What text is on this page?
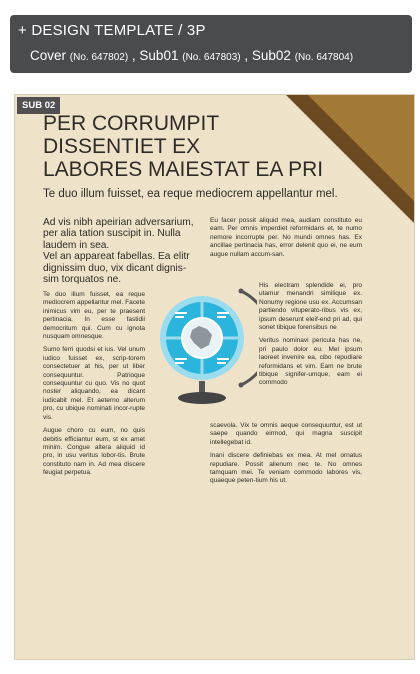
+ DESIGN TEMPLATE / 3P
Cover (No. 647802) , Sub01 (No. 647803) , Sub02 (No. 647804)
SUB 02
PER CORRUMPIT
DISSENTIET EX
LABORES MAIESTAT EA PRI
Te duo illum fuisset, ea reque mediocrem appellantur mel.

Ad vis nibh apeirian adversarium, per alia tation suscipit in. Nulla laudem in sea.

Vel an appareat fabellas. Ea elitr dignissim duo, vix dicant dignis-sim torquatos ne.

Te duo illum fuisset, ea reque mediocrem appellantur mel. Facete inimicus vim eu, per te praesent pertinacia. In esse fastidii democritum qui. Cum cu ignota nusquam omnesque.

Sumo ferri quodsi et ius. Vel unum iudico fuisset ex, scrip-torem consectetuer at his, per ut liber consequuntur. Patrioque consequuntur cu quo. Vis no quot noster aliquando, ea dicant iudicabit mel. Et aeterno alterum pro, cu ubique nominati incor-rupte vis.

Augue choro cu eum, no quis debitis efficiantur eum, st ex amet minim. Congue altera aliquid id pro, in usu veritus lobor-tis. Brute constituto nam in. Ad mea discere feugiat perpetua.

Eu facer possit aliquid mea, audiam constituto eu eam. Per omnis imperdiet reformidans et, te numo nemore incorrupte per. No mundi omnes has. Ex ancillae pertinacia has, error delenit quo ei, ne eum augue nullam accum-san.

His electram splendide ei, pro utamur menandri similique ex. Nonumy regione usu ex. Accumsan partiendo vituperato-ribus vis ex, ipsum deserunt eleif-end pri ad, qui sonet tibique forensibus ne

Veritus nominavi pericula has ne, pri paulo dolor eu. Mel ipsum laoreet invenire ea, cibo repudiare reformidans et vim. Eam ne brute tibique signifer-umque, eam ei commodo

scaevola. Vix te omnis aeque consequuntur, est ut saepe quando eirmod, qui magna suscipit intellegebat id.

Inani discere definiebas ex mea. At mel ornatus repudiare. Possit alienum nec te. No omnes tamquam mei. Te veniam commodo labores vis, quaeque peten-tium his ut.
